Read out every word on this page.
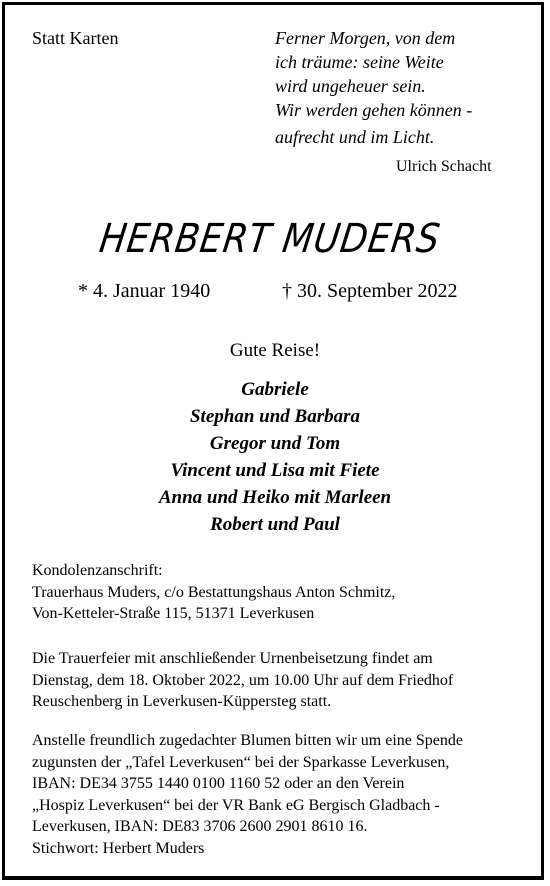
Statt Karten	Ferner Morgen, von dem
ich träume: seine Weite
wird ungeheuer sein.
Wir werden gehen können -
aufrecht und im Licht.
Ulrich Schacht
HERBERT MUDERS
* 4. Januar 1940	† 30. September 2022
Gute Reise!
Gabriele
Stephan und Barbara
Gregor und Tom
Vincent und Lisa mit Fiete
Anna und Heiko mit Marleen
Robert und Paul
Kondolenzanschrift:
Trauerhaus Muders, c/o Bestattungshaus Anton Schmitz,
Von-Ketteler-Straße 115, 51371 Leverkusen
Die Trauerfeier mit anschließender Urnenbeisetzung findet am
Dienstag, dem 18. Oktober 2022, um 10.00 Uhr auf dem Friedhof
Reuschenberg in Leverkusen-Küppersteg statt.
Anstelle freundlich zugedachter Blumen bitten wir um eine Spende
zugunsten der „Tafel Leverkusen“ bei der Sparkasse Leverkusen,
IBAN: DE34 3755 1440 0100 1160 52 oder an den Verein
„Hospiz Leverkusen“ bei der VR Bank eG Bergisch Gladbach -
Leverkusen, IBAN: DE83 3706 2600 2901 8610 16.
Stichwort: Herbert Muders
